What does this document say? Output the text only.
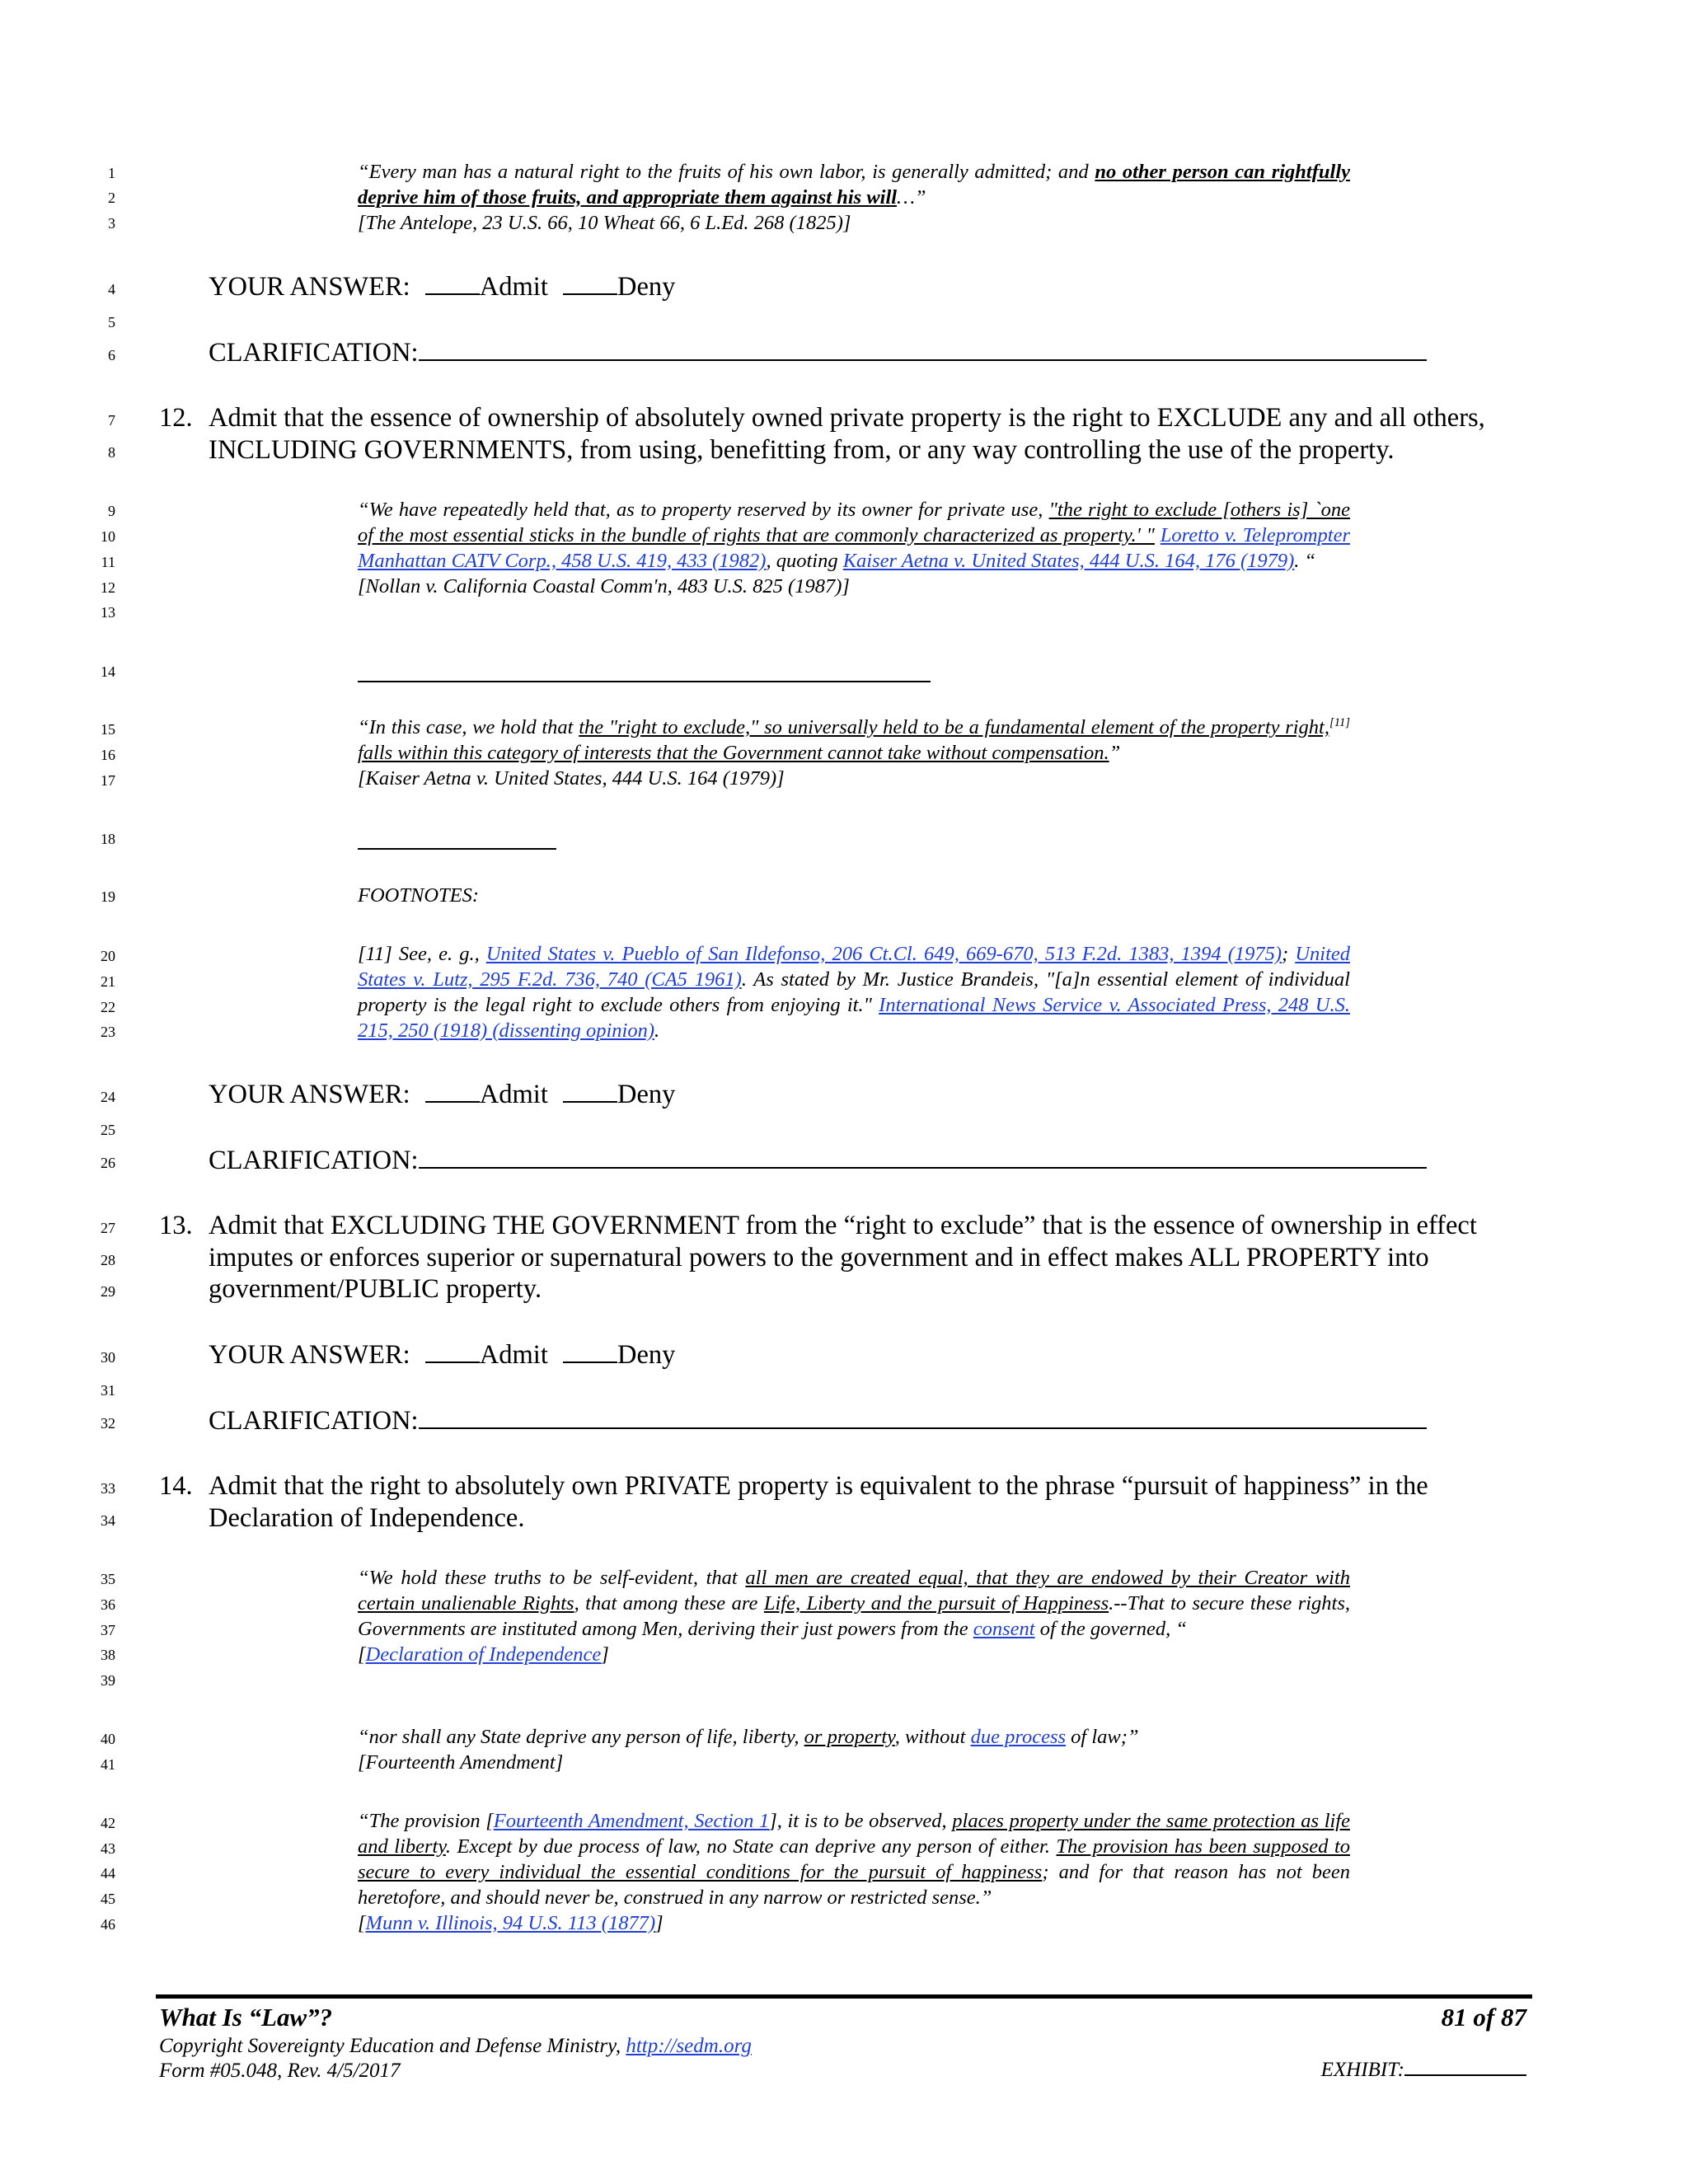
1
2
3
4
5
6
7
8
9
10
11
12
13
14
15
16
17
18
19
20
21
22
23
24
25
26
27
28
29
30
31
32
33
34
35
36
37
38
39
40
41
42
43
44
45
46
“Every man has a natural right to the fruits of his own labor, is generally admitted; and no other person can rightfully deprive him of those fruits, and appropriate them against his will…”
[The Antelope, 23 U.S. 66, 10 Wheat 66, 6 L.Ed. 268 (1825)]
YOUR ANSWER:	Admit	Deny
CLARIFICATION:
12. Admit that the essence of ownership of absolutely owned private property is the right to EXCLUDE any and all others,
INCLUDING GOVERNMENTS, from using, benefitting from, or any way controlling the use of the property.
“We have repeatedly held that, as to property reserved by its owner for private use, "the right to exclude [others is] `one of the most essential sticks in the bundle of rights that are commonly characterized as property.' " Loretto v. Teleprompter Manhattan CATV Corp., 458 U.S. 419, 433 (1982), quoting Kaiser Aetna v. United States, 444 U.S. 164, 176 (1979). “
[Nollan v. California Coastal Comm'n, 483 U.S. 825 (1987)]
“In this case, we hold that the "right to exclude," so universally held to be a fundamental element of the property right,[11] falls within this category of interests that the Government cannot take without compensation.”
[Kaiser Aetna v. United States, 444 U.S. 164 (1979)]
FOOTNOTES:
[11] See, e. g., United States v. Pueblo of San Ildefonso, 206 Ct.Cl. 649, 669-670, 513 F.2d. 1383, 1394 (1975); United States v. Lutz, 295 F.2d. 736, 740 (CA5 1961). As stated by Mr. Justice Brandeis, "[a]n essential element of individual property is the legal right to exclude others from enjoying it." International News Service v. Associated Press, 248 U.S. 215, 250 (1918) (dissenting opinion).
YOUR ANSWER:	Admit	Deny
CLARIFICATION:
13. Admit that EXCLUDING THE GOVERNMENT from the “right to exclude” that is the essence of ownership in effect
imputes or enforces superior or supernatural powers to the government and in effect makes ALL PROPERTY into
government/PUBLIC property.
YOUR ANSWER:	Admit	Deny
CLARIFICATION:
14. Admit that the right to absolutely own PRIVATE property is equivalent to the phrase “pursuit of happiness” in the
Declaration of Independence.
“We hold these truths to be self-evident, that all men are created equal, that they are endowed by their Creator with certain unalienable Rights, that among these are Life, Liberty and the pursuit of Happiness.--That to secure these rights, Governments are instituted among Men, deriving their just powers from the consent of the governed, “
[Declaration of Independence]
“nor shall any State deprive any person of life, liberty, or property, without due process of law;”
[Fourteenth Amendment]
“The provision [Fourteenth Amendment, Section 1], it is to be observed, places property under the same protection as life and liberty. Except by due process of law, no State can deprive any person of either. The provision has been supposed to secure to every individual the essential conditions for the pursuit of happiness; and for that reason has not been heretofore, and should never be, construed in any narrow or restricted sense.”
[Munn v. Illinois, 94 U.S. 113 (1877)]
What Is “Law”?	81 of 87
Copyright Sovereignty Education and Defense Ministry, http://sedm.org
Form #05.048, Rev. 4/5/2017	EXHIBIT:
